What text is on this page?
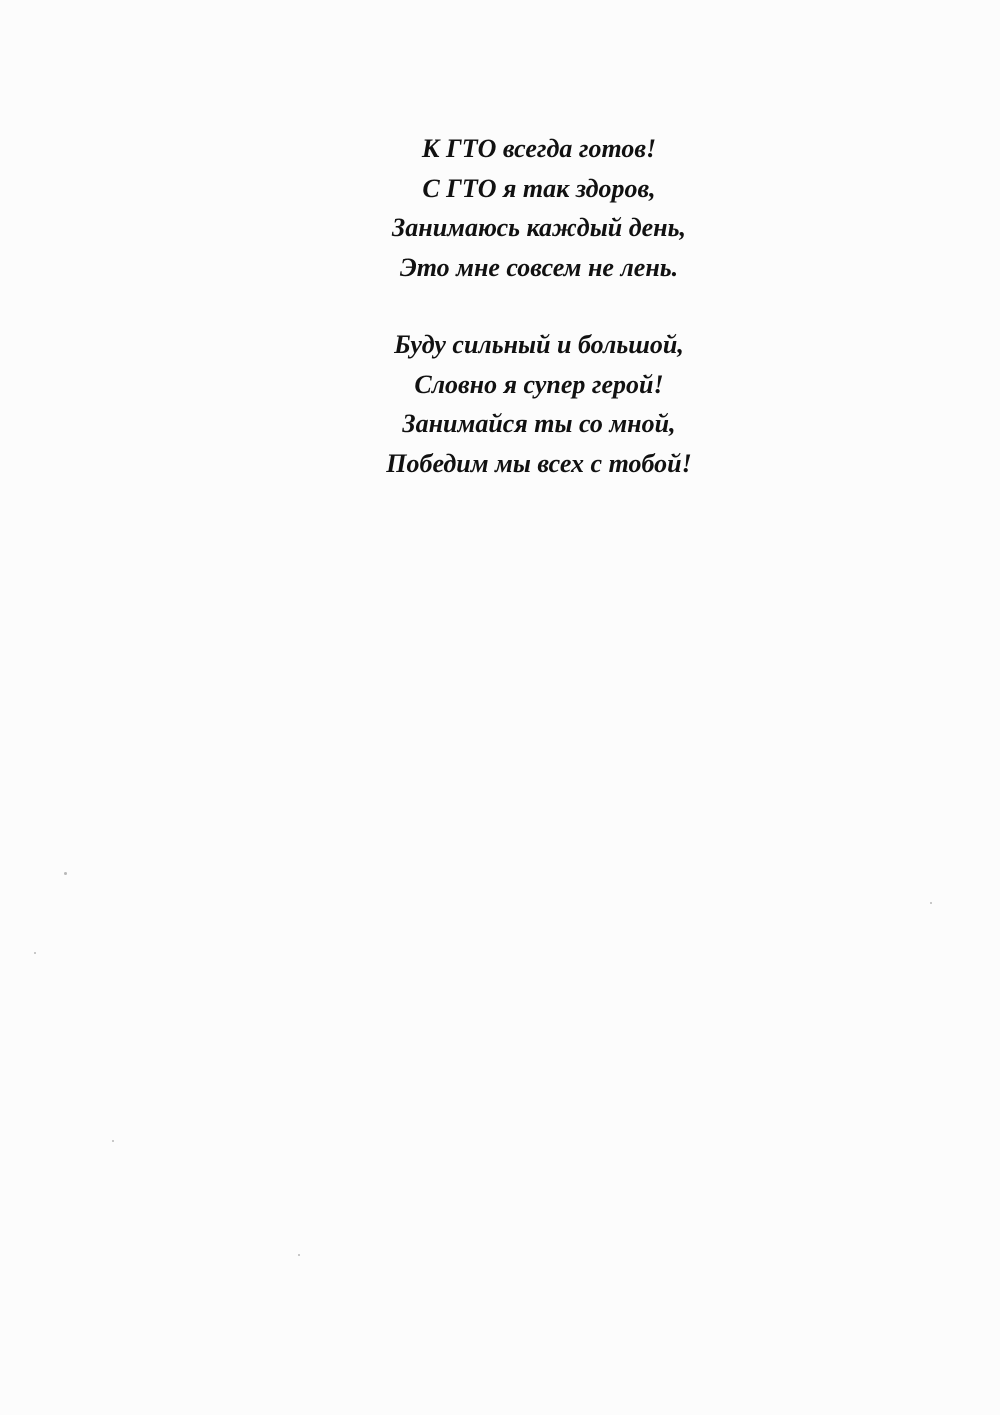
К ГТО всегда готов!
С ГТО я так здоров,
Занимаюсь каждый день,
Это мне совсем не лень.
Буду сильный и большой,
Словно я супер герой!
Занимайся ты со мной,
Победим мы всех с тобой!
